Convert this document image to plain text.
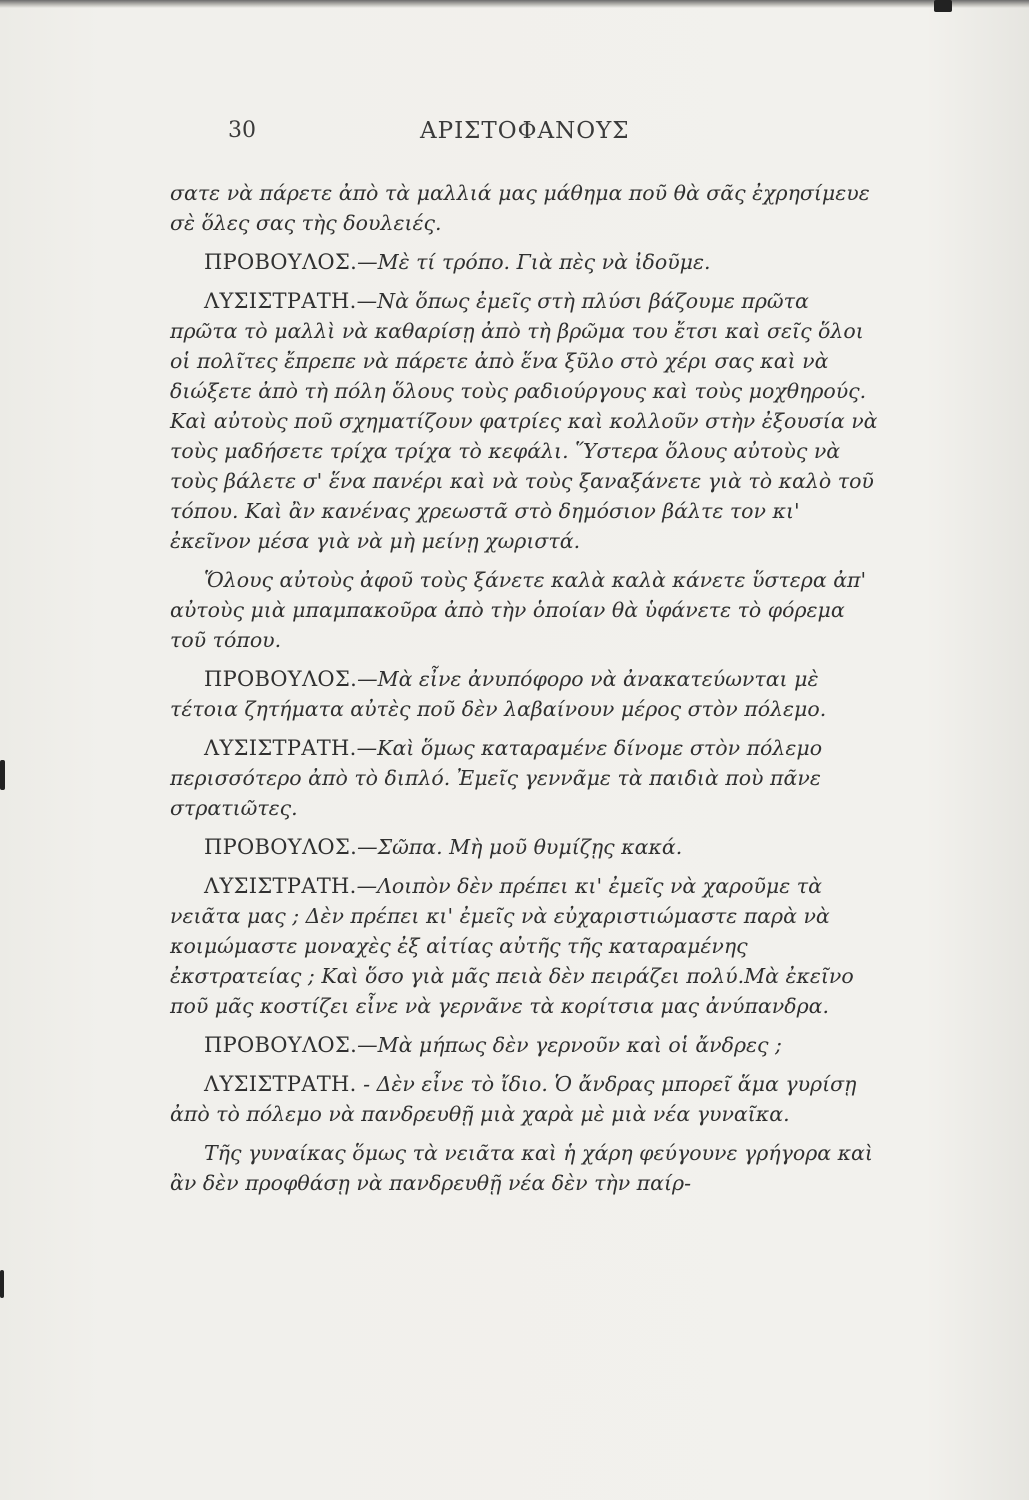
30	ΑΡΙΣΤΟΦΑΝΟΥΣ

σατε νὰ πάρετε ἀπὸ τὰ μαλλιά μας μάθημα ποῦ θὰ σᾶς ἐχρησίμευε σὲ ὅλες σας τὴς δουλειές.

ΠΡΟΒΟΥΛΟΣ.—Μὲ τί τρόπο. Γιὰ πὲς νὰ ἰδοῦμε.

ΛΥΣΙΣΤΡΑΤΗ.—Νὰ ὅπως ἐμεῖς στὴ πλύσι βάζουμε πρῶτα πρῶτα τὸ μαλλὶ νὰ καθαρίσῃ ἀπὸ τὴ βρῶμα του ἔτσι καὶ σεῖς ὅλοι οἱ πολῖτες ἔπρεπε νὰ πάρετε ἀπὸ ἕνα ξῦλο στὸ χέρι σας καὶ νὰ διώξετε ἀπὸ τὴ πόλη ὅλους τοὺς ραδιούργους καὶ τοὺς μοχθηρούς. Καὶ αὐτοὺς ποῦ σχηματίζουν φατρίες καὶ κολλοῦν στὴν ἐξουσία νὰ τοὺς μαδήσετε τρίχα τρίχα τὸ κεφάλι. Ὕστερα ὅλους αὐτοὺς νὰ τοὺς βάλετε σ' ἕνα πανέρι καὶ νὰ τοὺς ξαναξάνετε γιὰ τὸ καλὸ τοῦ τόπου. Καὶ ἂν κανένας χρεωστᾶ στὸ δημόσιον βάλτε τον κι' ἐκεῖνον μέσα γιὰ νὰ μὴ μείνῃ χωριστά.

Ὅλους αὐτοὺς ἀφοῦ τοὺς ξάνετε καλὰ καλὰ κάνετε ὕστερα ἀπ' αὐτοὺς μιὰ μπαμπακοῦρα ἀπὸ τὴν ὁποίαν θὰ ὑφάνετε τὸ φόρεμα τοῦ τόπου.

ΠΡΟΒΟΥΛΟΣ.—Μὰ εἶνε ἀνυπόφορο νὰ ἀνακατεύωνται μὲ τέτοια ζητήματα αὐτὲς ποῦ δὲν λαβαίνουν μέρος στὸν πόλεμο.

ΛΥΣΙΣΤΡΑΤΗ.—Καὶ ὅμως καταραμένε δίνομε στὸν πόλεμο περισσότερο ἀπὸ τὸ διπλό. Ἐμεῖς γεννᾶμε τὰ παιδιὰ ποὺ πᾶνε στρατιῶτες.

ΠΡΟΒΟΥΛΟΣ.—Σῶπα. Μὴ μοῦ θυμίζῃς κακά.

ΛΥΣΙΣΤΡΑΤΗ.—Λοιπὸν δὲν πρέπει κι' ἐμεῖς νὰ χαροῦμε τὰ νειᾶτα μας ; Δὲν πρέπει κι' ἐμεῖς νὰ εὐχαριστιώμαστε παρὰ νὰ κοιμώμαστε μοναχὲς ἐξ αἰτίας αὐτῆς τῆς καταραμένης ἐκστρατείας ; Καὶ ὅσο γιὰ μᾶς πειὰ δὲν πειράζει πολύ.Μὰ ἐκεῖνο ποῦ μᾶς κοστίζει εἶνε νὰ γερνᾶνε τὰ κορίτσια μας ἀνύπανδρα.

ΠΡΟΒΟΥΛΟΣ.—Μὰ μήπως δὲν γερνοῦν καὶ οἱ ἄνδρες ;

ΛΥΣΙΣΤΡΑΤΗ. - Δὲν εἶνε τὸ ἴδιο. Ὁ ἄνδρας μπορεῖ ἅμα γυρίσῃ ἀπὸ τὸ πόλεμο νὰ πανδρευθῇ μιὰ χαρὰ μὲ μιὰ νέα γυναῖκα.

Τῆς γυναίκας ὅμως τὰ νειᾶτα καὶ ἡ χάρη φεύγουνε γρήγορα καὶ ἂν δὲν προφθάσῃ νὰ πανδρευθῇ νέα δὲν τὴν παίρ-
